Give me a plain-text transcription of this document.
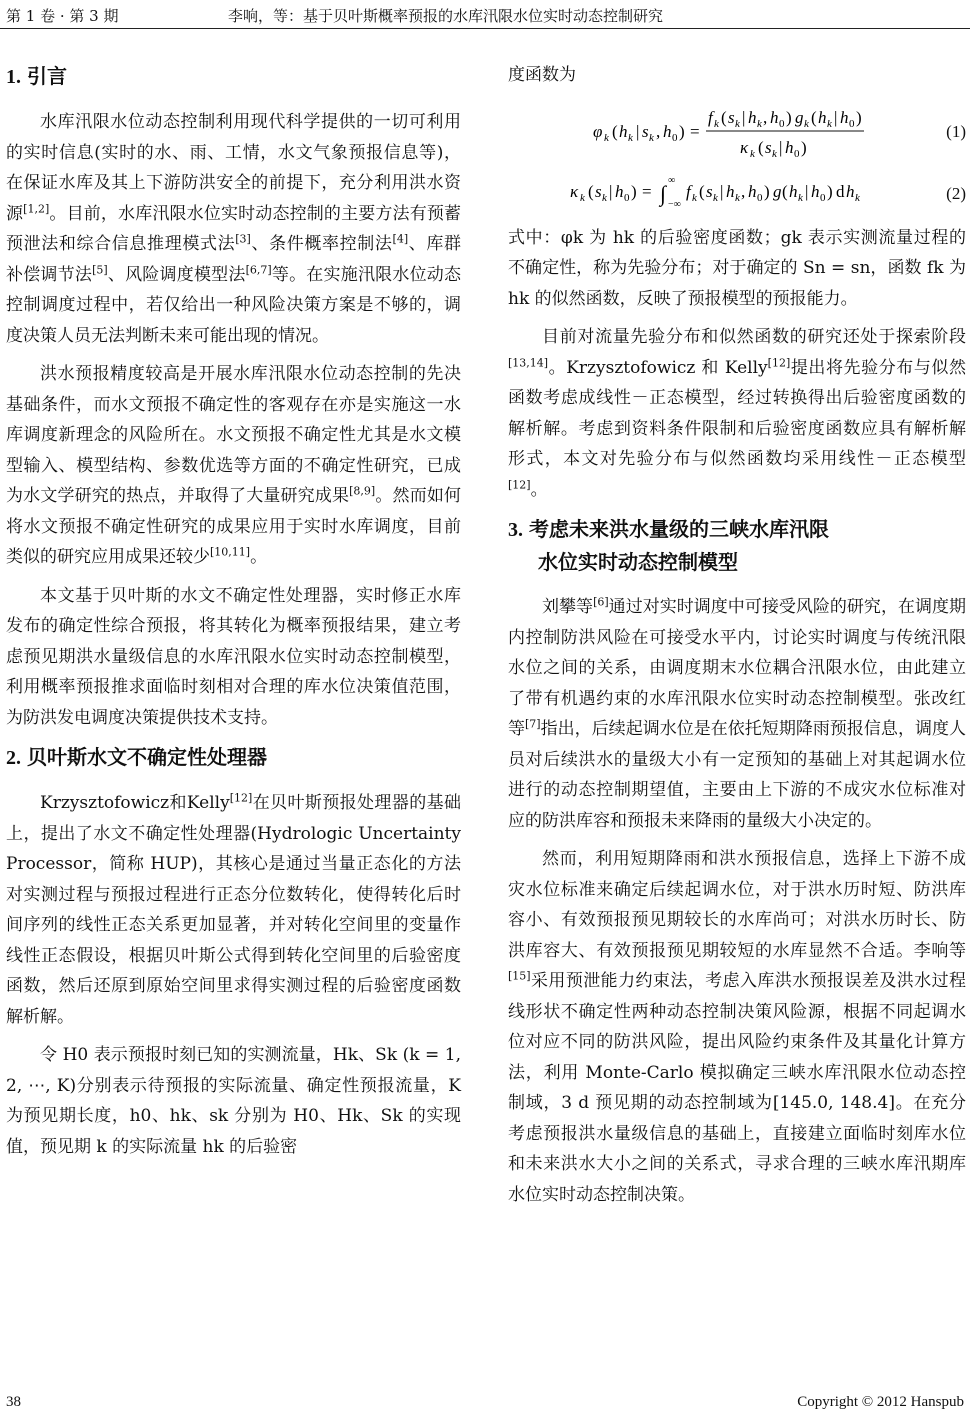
第 1 卷 · 第 3 期	李响，等：基于贝叶斯概率预报的水库汛限水位实时动态控制研究
1. 引言

水库汛限水位动态控制利用现代科学提供的一切可利用的实时信息(实时的水、雨、工情，水文气象预报信息等)，在保证水库及其上下游防洪安全的前提下，充分利用洪水资源[1,2]。目前，水库汛限水位实时动态控制的主要方法有预蓄预泄法和综合信息推理模式法[3]、条件概率控制法[4]、库群补偿调节法[5]、风险调度模型法[6,7]等。在实施汛限水位动态控制调度过程中，若仅给出一种风险决策方案是不够的，调度决策人员无法判断未来可能出现的情况。

洪水预报精度较高是开展水库汛限水位动态控制的先决基础条件，而水文预报不确定性的客观存在亦是实施这一水库调度新理念的风险所在。水文预报不确定性尤其是水文模型输入、模型结构、参数优选等方面的不确定性研究，已成为水文学研究的热点，并取得了大量研究成果[8,9]。然而如何将水文预报不确定性研究的成果应用于实时水库调度，目前类似的研究应用成果还较少[10,11]。

本文基于贝叶斯的水文不确定性处理器，实时修正水库发布的确定性综合预报，将其转化为概率预报结果，建立考虑预见期洪水量级信息的水库汛限水位实时动态控制模型，利用概率预报推求面临时刻相对合理的库水位决策值范围，为防洪发电调度决策提供技术支持。

2. 贝叶斯水文不确定性处理器

Krzysztofowicz和Kelly[12]在贝叶斯预报处理器的基础上，提出了水文不确定性处理器(Hydrologic Uncertainty Processor，简称 HUP)，其核心是通过当量正态化的方法对实测过程与预报过程进行正态分位数转化，使得转化后时间序列的线性正态关系更加显著，并对转化空间里的变量作线性正态假设，根据贝叶斯公式得到转化空间里的后验密度函数，然后还原到原始空间里求得实测过程的后验密度函数解析解。

令 H0 表示预报时刻已知的实测流量，Hk、Sk (k = 1, 2, ⋯, K)分别表示待预报的实际流量、确定性预报流量，K 为预见期长度，h0、hk、sk 分别为 H0、Hk、Sk 的实现值，预见期 k 的实际流量 hk 的后验密

度函数为

φ k ( h k | s k , h 0 ) =
f k ( s k | h k , h 0 ) g k ( h k | h 0 )
κ k ( s k | h 0 )
(1)
κ k ( s k | h 0 ) = ∫
∞
−∞
f k ( s k | h k , h 0 ) g ( h k | h 0 ) d h k	(2)

式中：φk 为 hk 的后验密度函数；gk 表示实测流量过程的不确定性，称为先验分布；对于确定的 Sn = sn，函数 fk 为 hk 的似然函数，反映了预报模型的预报能力。

目前对流量先验分布和似然函数的研究还处于探索阶段[13,14]。Krzysztofowicz 和 Kelly[12]提出将先验分布与似然函数考虑成线性－正态模型，经过转换得出后验密度函数的解析解。考虑到资料条件限制和后验密度函数应具有解析解形式，本文对先验分布与似然函数均采用线性－正态模型[12]。

3. 考虑未来洪水量级的三峡水库汛限
水位实时动态控制模型

刘攀等[6]通过对实时调度中可接受风险的研究，在调度期内控制防洪风险在可接受水平内，讨论实时调度与传统汛限水位之间的关系，由调度期末水位耦合汛限水位，由此建立了带有机遇约束的水库汛限水位实时动态控制模型。张改红等[7]指出，后续起调水位是在依托短期降雨预报信息，调度人员对后续洪水的量级大小有一定预知的基础上对其起调水位进行的动态控制期望值，主要由上下游的不成灾水位标准对应的防洪库容和预报未来降雨的量级大小决定的。

然而，利用短期降雨和洪水预报信息，选择上下游不成灾水位标准来确定后续起调水位，对于洪水历时短、防洪库容小、有效预报预见期较长的水库尚可；对洪水历时长、防洪库容大、有效预报预见期较短的水库显然不合适。李响等[15]采用预泄能力约束法，考虑入库洪水预报误差及洪水过程线形状不确定性两种动态控制决策风险源，根据不同起调水位对应不同的防洪风险，提出风险约束条件及其量化计算方法，利用 Monte-Carlo 模拟确定三峡水库汛限水位动态控制域，3 d 预见期的动态控制域为[145.0, 148.4]。在充分考虑预报洪水量级信息的基础上，直接建立面临时刻库水位和未来洪水大小之间的关系式，寻求合理的三峡水库汛期库水位实时动态控制决策。

38	Copyright © 2012 Hanspub
